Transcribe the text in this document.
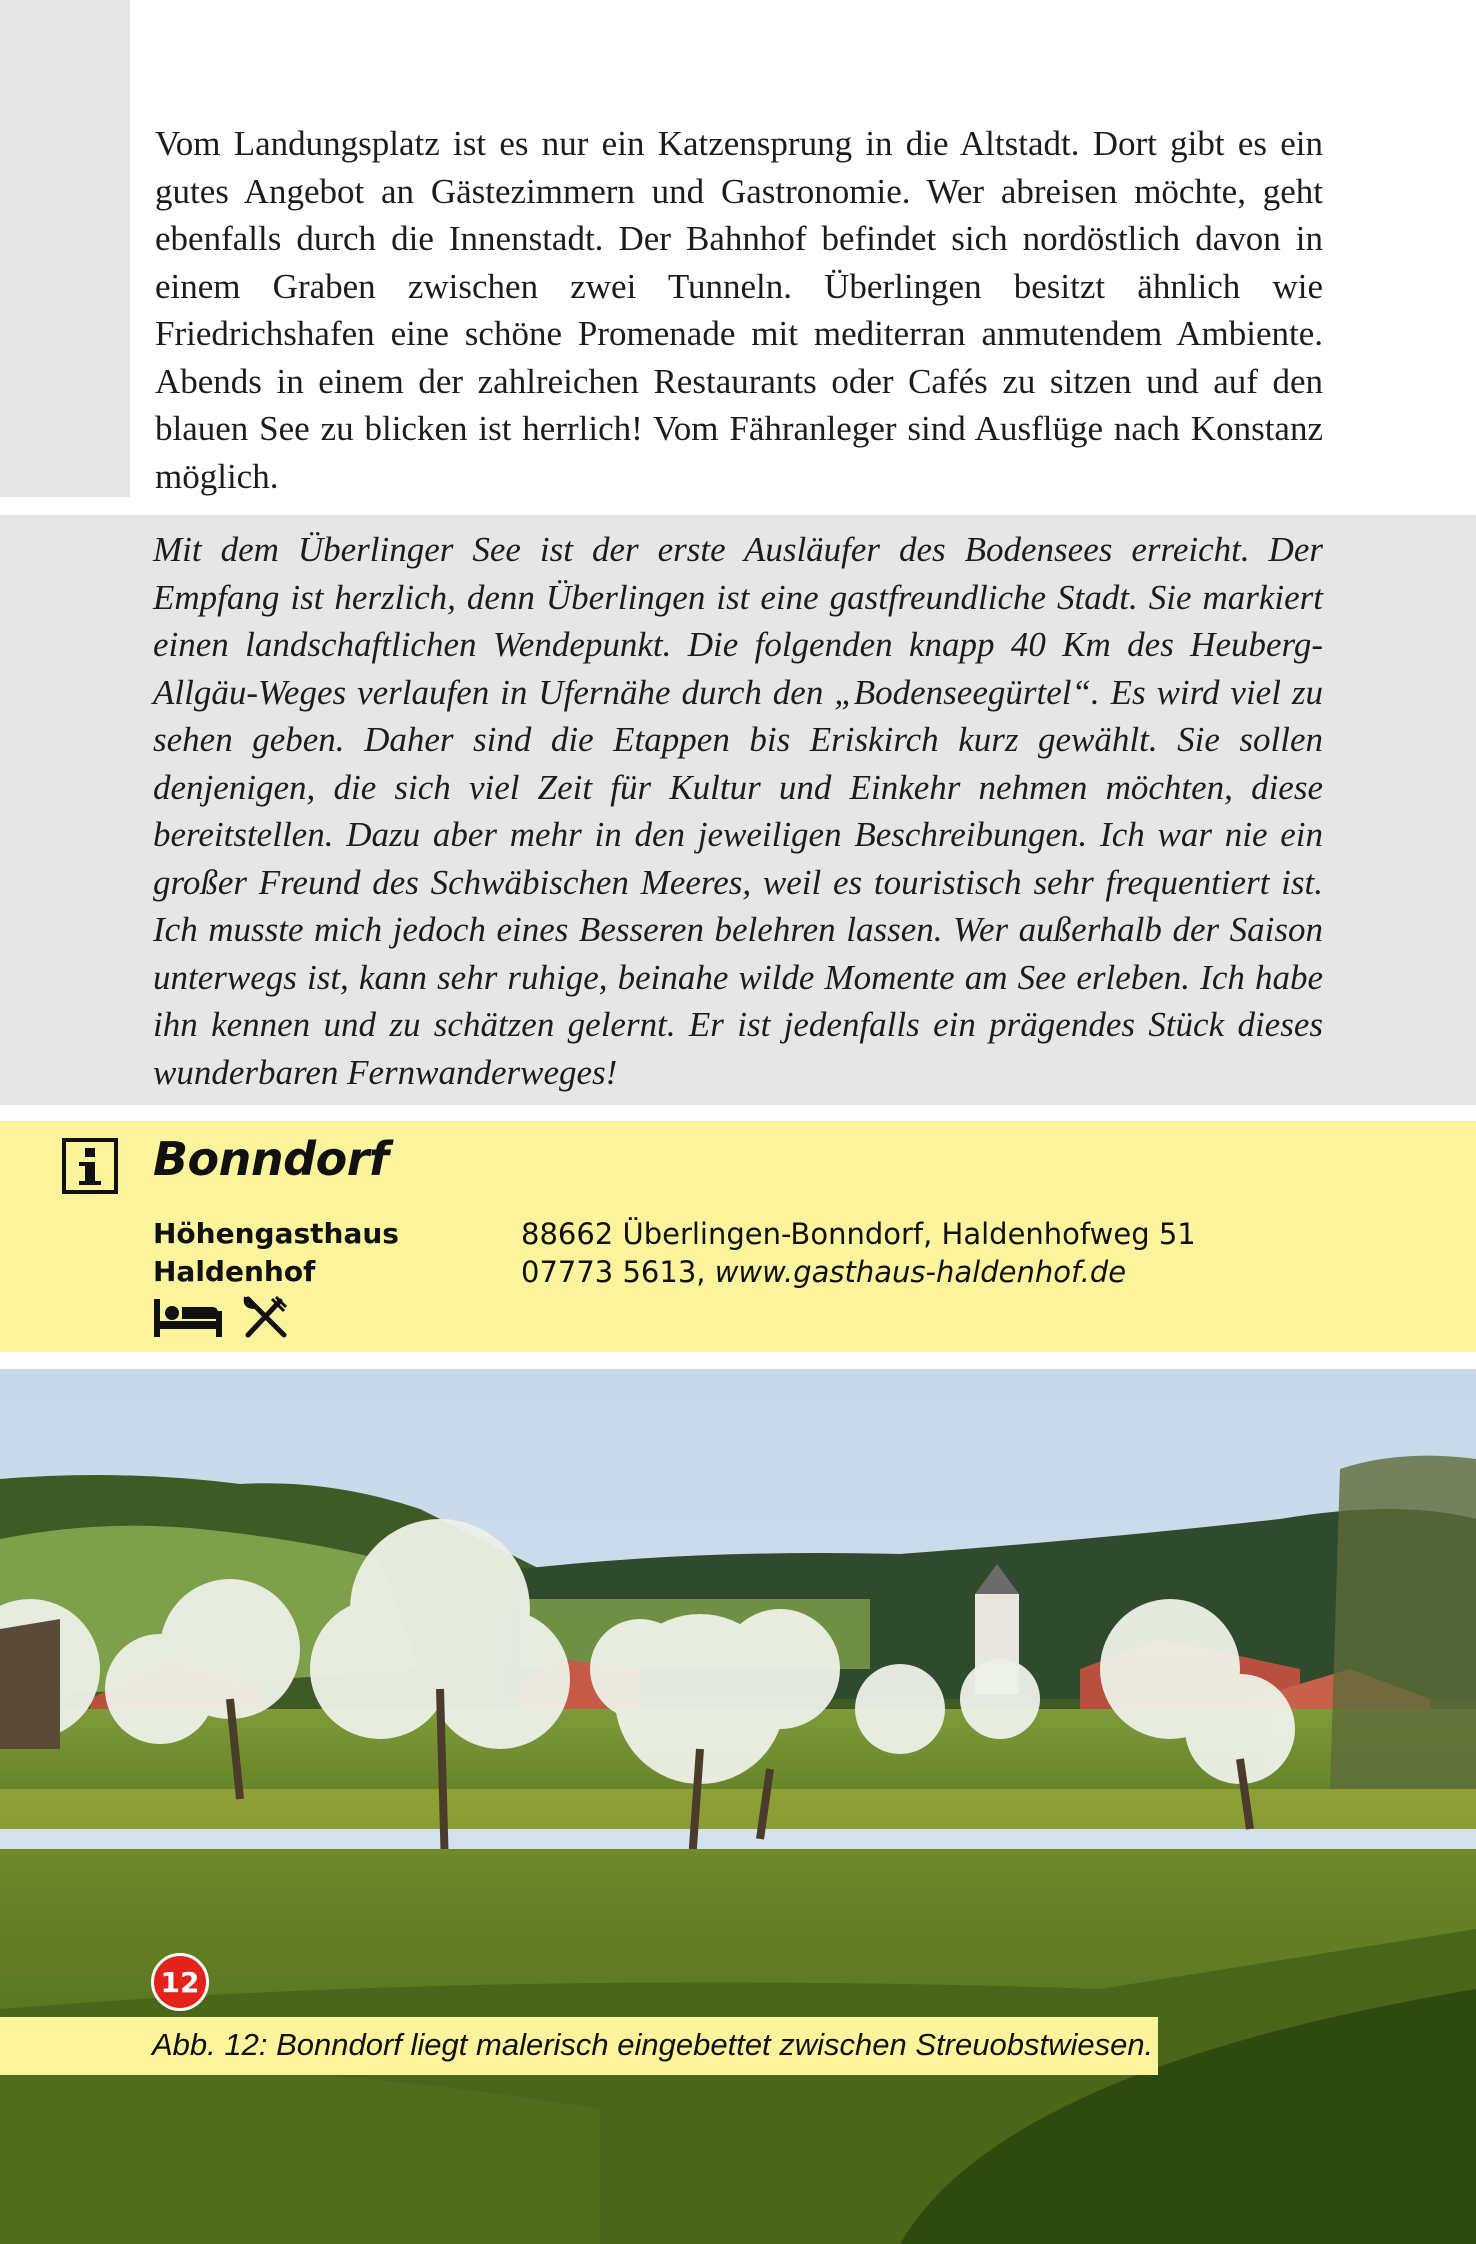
Vom Landungsplatz ist es nur ein Katzensprung in die Altstadt. Dort gibt es ein gutes Angebot an Gästezimmern und Gastronomie. Wer abreisen möchte, geht ebenfalls durch die Innenstadt. Der Bahnhof befindet sich nordöstlich davon in einem Graben zwischen zwei Tunneln. Überlingen besitzt ähnlich wie Friedrichshafen eine schöne Promenade mit mediterran anmutendem Ambiente. Abends in einem der zahlreichen Restaurants oder Cafés zu sitzen und auf den blauen See zu blicken ist herrlich! Vom Fähranleger sind Ausflüge nach Konstanz möglich.

Mit dem Überlinger See ist der erste Ausläufer des Bodensees erreicht. Der Empfang ist herzlich, denn Überlingen ist eine gastfreundliche Stadt. Sie markiert einen landschaftlichen Wendepunkt. Die folgenden knapp 40 Km des Heuberg-Allgäu-Weges verlaufen in Ufernähe durch den „Bodenseegürtel“. Es wird viel zu sehen geben. Daher sind die Etappen bis Eriskirch kurz gewählt. Sie sollen denjenigen, die sich viel Zeit für Kultur und Einkehr nehmen möchten, diese bereitstellen. Dazu aber mehr in den jeweiligen Beschreibungen. Ich war nie ein großer Freund des Schwäbischen Meeres, weil es touristisch sehr frequentiert ist. Ich musste mich jedoch eines Besseren belehren lassen. Wer außerhalb der Saison unterwegs ist, kann sehr ruhige, beinahe wilde Momente am See erleben. Ich habe ihn kennen und zu schätzen gelernt. Er ist jedenfalls ein prägendes Stück dieses wunderbaren Fernwanderweges!

Bonndorf
Höhengasthaus
Haldenhof
88662 Überlingen-Bonndorf, Haldenhofweg 51
07773 5613, www.gasthaus-haldenhof.de
12
Abb. 12: Bonndorf liegt malerisch eingebettet zwischen Streuobstwiesen.
